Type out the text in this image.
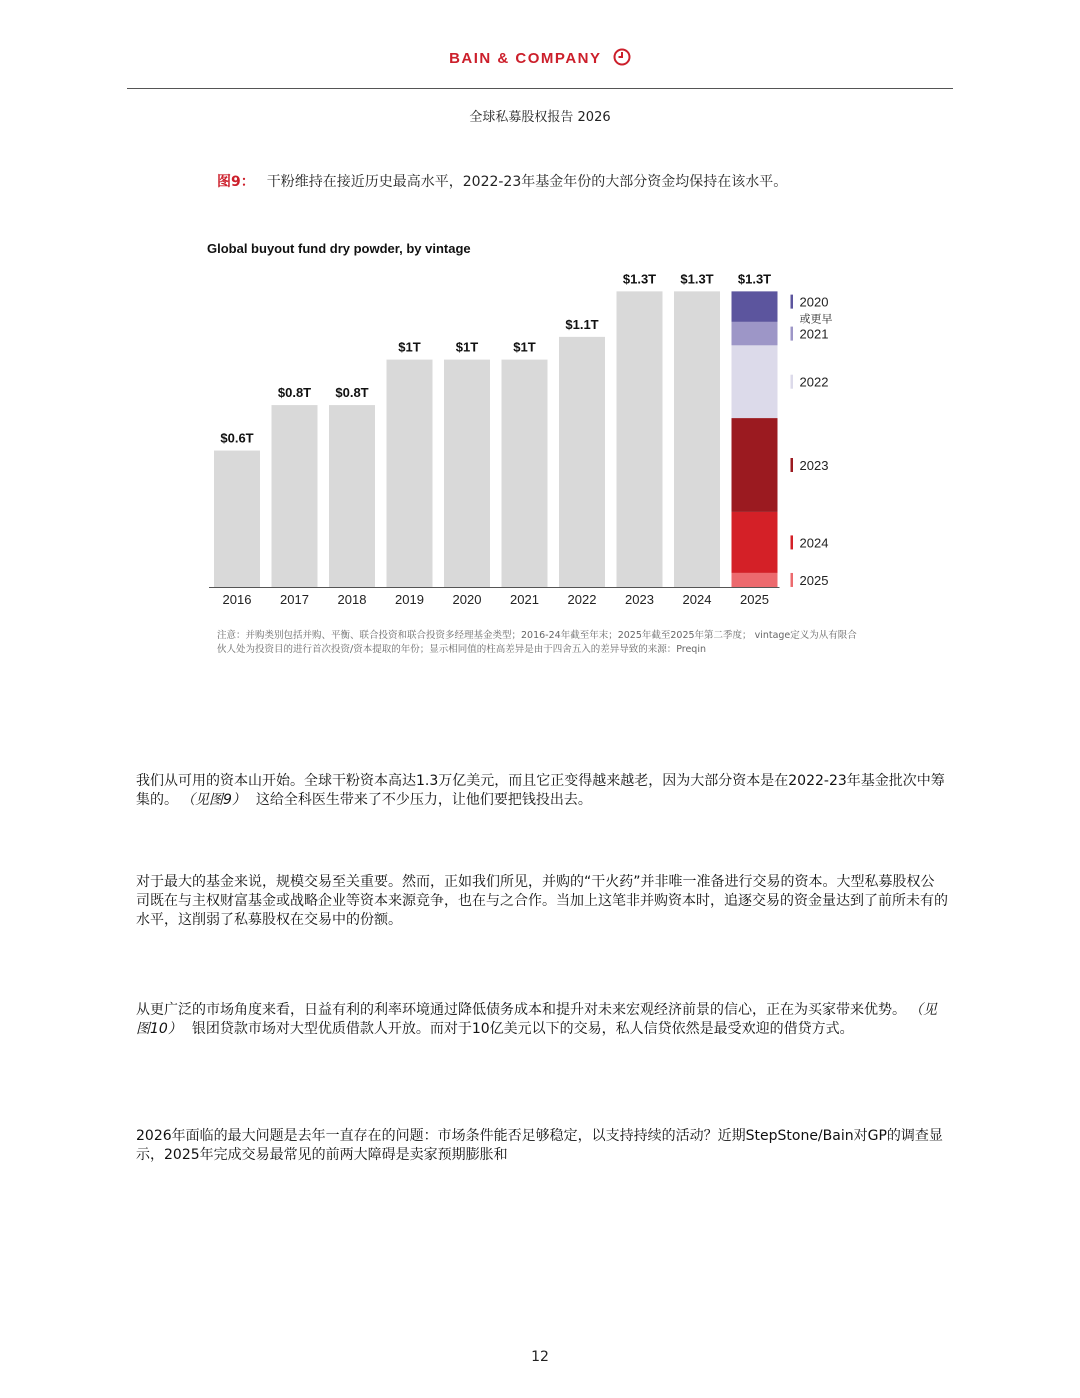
BAIN & COMPANY
全球私募股权报告 2026
图9： 干粉维持在接近历史最高水平，2022-23年基金年份的大部分资金均保持在该水平。
Global buyout fund dry powder, by vintage
$0.6T
2016
$0.8T
2017
$0.8T
2018
$1T
2019
$1T
2020
$1T
2021
$1.1T
2022
$1.3T
2023
$1.3T
2024
$1.3T
2025
2020
或更早
2021
2022
2023
2024
2025
注意：并购类别包括并购、平衡、联合投资和联合投资多经理基金类型；2016-24年截至年末；2025年截至2025年第二季度； vintage定义为从有限合伙人处为投资目的进行首次投资/资本提取的年份；显示相同值的柱高差异是由于四舍五入的差异导致的来源：Preqin
我们从可用的资本山开始。全球干粉资本高达1.3万亿美元，而且它正变得越来越老，因为大部分资本是在2022-23年基金批次中筹集的。 （见图9） 这给全科医生带来了不少压力，让他们要把钱投出去。
对于最大的基金来说，规模交易至关重要。然而，正如我们所见，并购的“干火药”并非唯一准备进行交易的资本。大型私募股权公司既在与主权财富基金或战略企业等资本来源竞争，也在与之合作。当加上这笔非并购资本时，追逐交易的资金量达到了前所未有的水平，这削弱了私募股权在交易中的份额。
从更广泛的市场角度来看，日益有利的利率环境通过降低债务成本和提升对未来宏观经济前景的信心，正在为买家带来优势。 （见图10） 银团贷款市场对大型优质借款人开放。而对于10亿美元以下的交易，私人信贷依然是最受欢迎的借贷方式。
2026年面临的最大问题是去年一直存在的问题：市场条件能否足够稳定，以支持持续的活动？近期StepStone/Bain对GP的调查显示，2025年完成交易最常见的前两大障碍是卖家预期膨胀和
12
